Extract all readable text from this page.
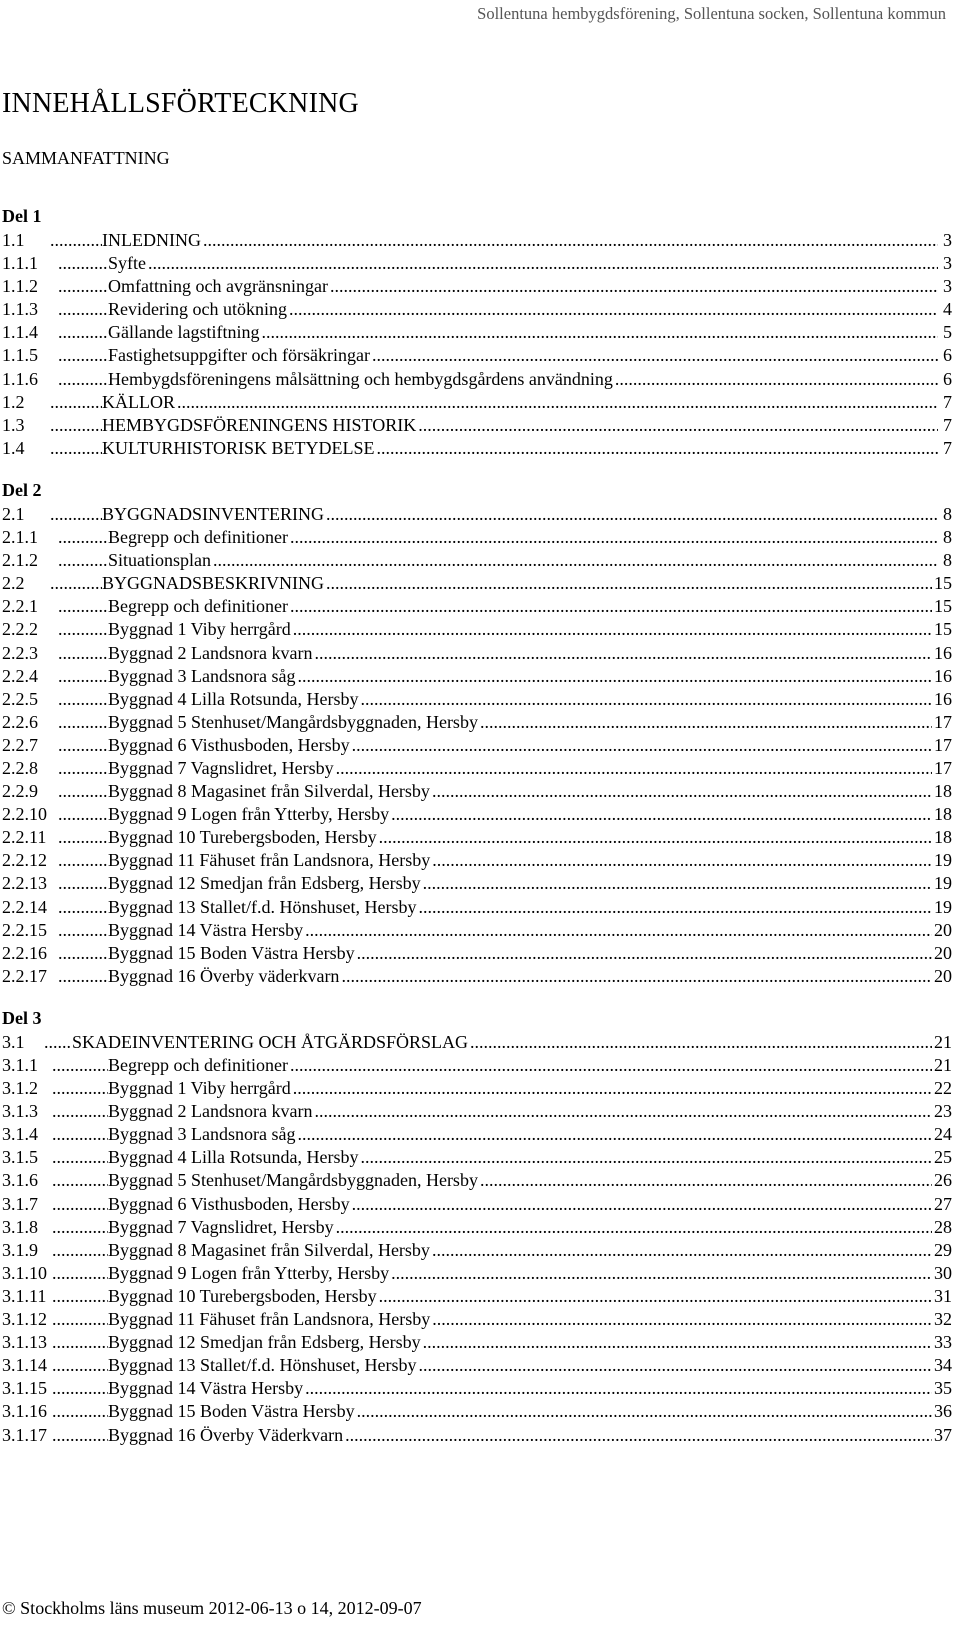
Sollentuna hembygdsförening, Sollentuna socken, Sollentuna kommun
INNEHÅLLSFÖRTECKNING
SAMMANFATTNING
Del 1
1.1 .....	INLEDNING .....	3
1.1.1 .....	Syfte .....	3
1.1.2 .....	Omfattning och avgränsningar .....	3
1.1.3 .....	Revidering och utökning .....	4
1.1.4 .....	Gällande lagstiftning .....	5
1.1.5 .....	Fastighetsuppgifter och försäkringar .....	6
1.1.6 .....	Hembygdsföreningens målsättning och hembygdsgårdens användning .....	6
1.2 .....	KÄLLOR .....	7
1.3 .....	HEMBYGDSFÖRENINGENS HISTORIK .....	7
1.4 .....	KULTURHISTORISK BETYDELSE .....	7
Del 2
2.1 .....	BYGGNADSINVENTERING .....	8
2.1.1 .....	Begrepp och definitioner .....	8
2.1.2 .....	Situationsplan .....	8
2.2 .....	BYGGNADSBESKRIVNING .....	15
2.2.1 .....	Begrepp och definitioner .....	15
2.2.2 .....	Byggnad 1 Viby herrgård .....	15
2.2.3 .....	Byggnad 2 Landsnora kvarn .....	16
2.2.4 .....	Byggnad 3 Landsnora såg .....	16
2.2.5 .....	Byggnad 4 Lilla Rotsunda, Hersby .....	16
2.2.6 .....	Byggnad 5 Stenhuset/Mangårdsbyggnaden, Hersby .....	17
2.2.7 .....	Byggnad 6 Visthusboden, Hersby .....	17
2.2.8 .....	Byggnad 7 Vagnslidret, Hersby .....	17
2.2.9 .....	Byggnad 8 Magasinet från Silverdal, Hersby .....	18
2.2.10 .....	Byggnad 9 Logen från Ytterby, Hersby .....	18
2.2.11 .....	Byggnad 10 Turebergsboden, Hersby .....	18
2.2.12 .....	Byggnad 11 Fähuset från Landsnora, Hersby .....	19
2.2.13 .....	Byggnad 12 Smedjan från Edsberg, Hersby .....	19
2.2.14 .....	Byggnad 13 Stallet/f.d. Hönshuset, Hersby .....	19
2.2.15 .....	Byggnad 14 Västra Hersby .....	20
2.2.16 .....	Byggnad 15 Boden Västra Hersby .....	20
2.2.17 .....	Byggnad 16 Överby väderkvarn .....	20
Del 3
3.1 .....	SKADEINVENTERING OCH ÅTGÄRDSFÖRSLAG .....	21
3.1.1 .....	Begrepp och definitioner .....	21
3.1.2 .....	Byggnad 1 Viby herrgård .....	22
3.1.3 .....	Byggnad 2 Landsnora kvarn .....	23
3.1.4 .....	Byggnad 3 Landsnora såg .....	24
3.1.5 .....	Byggnad 4 Lilla Rotsunda, Hersby .....	25
3.1.6 .....	Byggnad 5 Stenhuset/Mangårdsbyggnaden, Hersby .....	26
3.1.7 .....	Byggnad 6 Visthusboden, Hersby .....	27
3.1.8 .....	Byggnad 7 Vagnslidret, Hersby .....	28
3.1.9 .....	Byggnad 8 Magasinet från Silverdal, Hersby .....	29
3.1.10 .....	Byggnad 9 Logen från Ytterby, Hersby .....	30
3.1.11 .....	Byggnad 10 Turebergsboden, Hersby .....	31
3.1.12 .....	Byggnad 11 Fähuset från Landsnora, Hersby .....	32
3.1.13 .....	Byggnad 12 Smedjan från Edsberg, Hersby .....	33
3.1.14 .....	Byggnad 13 Stallet/f.d. Hönshuset, Hersby .....	34
3.1.15 .....	Byggnad 14 Västra Hersby .....	35
3.1.16 .....	Byggnad 15 Boden Västra Hersby .....	36
3.1.17 .....	Byggnad 16 Överby Väderkvarn .....	37
© Stockholms läns museum 2012-06-13 o 14, 2012-09-07
